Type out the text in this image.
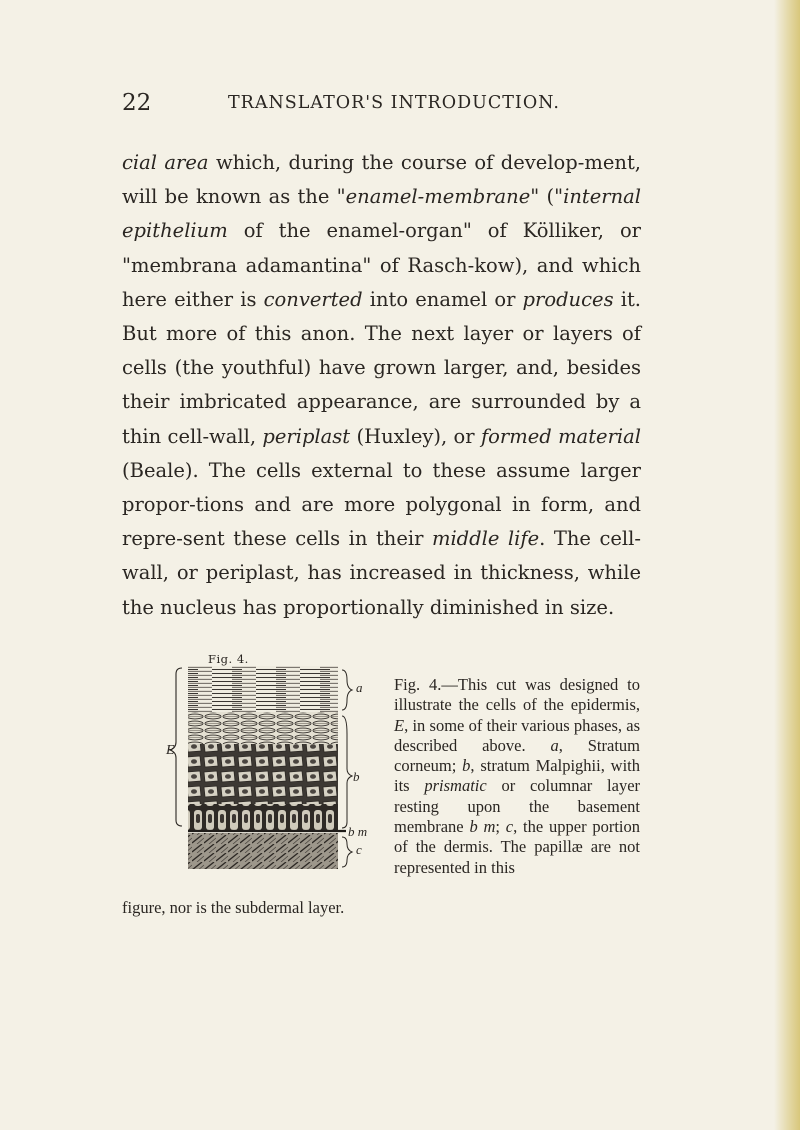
22	TRANSLATOR'S INTRODUCTION.

cial area which, during the course of develop-ment, will be known as the "enamel-membrane" ("internal epithelium of the enamel-organ" of Kölliker, or "membrana adamantina" of Rasch-kow), and which here either is converted into enamel or produces it. But more of this anon. The next layer or layers of cells (the youthful) have grown larger, and, besides their imbricated appearance, are surrounded by a thin cell-wall, periplast (Huxley), or formed material (Beale). The cells external to these assume larger propor-tions and are more polygonal in form, and repre-sent these cells in their middle life. The cell-wall, or periplast, has increased in thickness, while the nucleus has proportionally diminished in size.

Fig. 4.
E
a
b
b m
c

Fig. 4.—This cut was designed to illustrate the cells of the epidermis, E, in some of their various phases, as described above. a, Stratum corneum; b, stratum Malpighii, with its prismatic or columnar layer resting upon the basement membrane b m; c, the upper portion of the dermis. The papillæ are not represented in this

figure, nor is the subdermal layer.
